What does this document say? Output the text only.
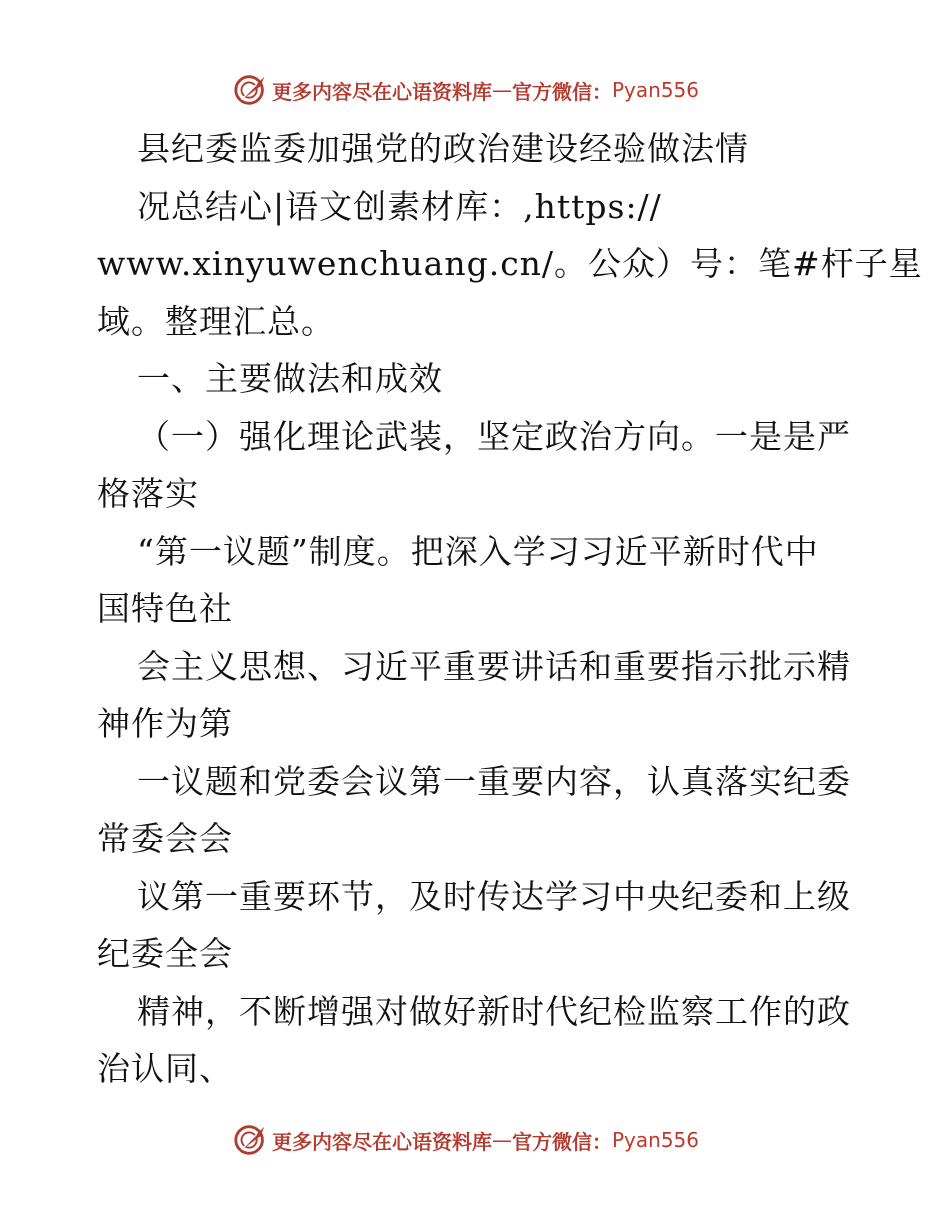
更多内容尽在心语资料库 — 官方微信： Pyan556
县纪委监委加强党的政治建设经验做法情
况总结心|语文创素材库：,https://
www.xinyuwenchuang.cn/。公众）号：笔#杆子星
域。整理汇总。
一、主要做法和成效
（一）强化理论武装，坚定政治方向。一是是严
格落实
“第一议题”制度。把深入学习习近平新时代中
国特色社
会主义思想、习近平重要讲话和重要指示批示精
神作为第
一议题和党委会议第一重要内容，认真落实纪委
常委会会
议第一重要环节，及时传达学习中央纪委和上级
纪委全会
精神，不断增强对做好新时代纪检监察工作的政
治认同、
更多内容尽在心语资料库 — 官方微信： Pyan556
